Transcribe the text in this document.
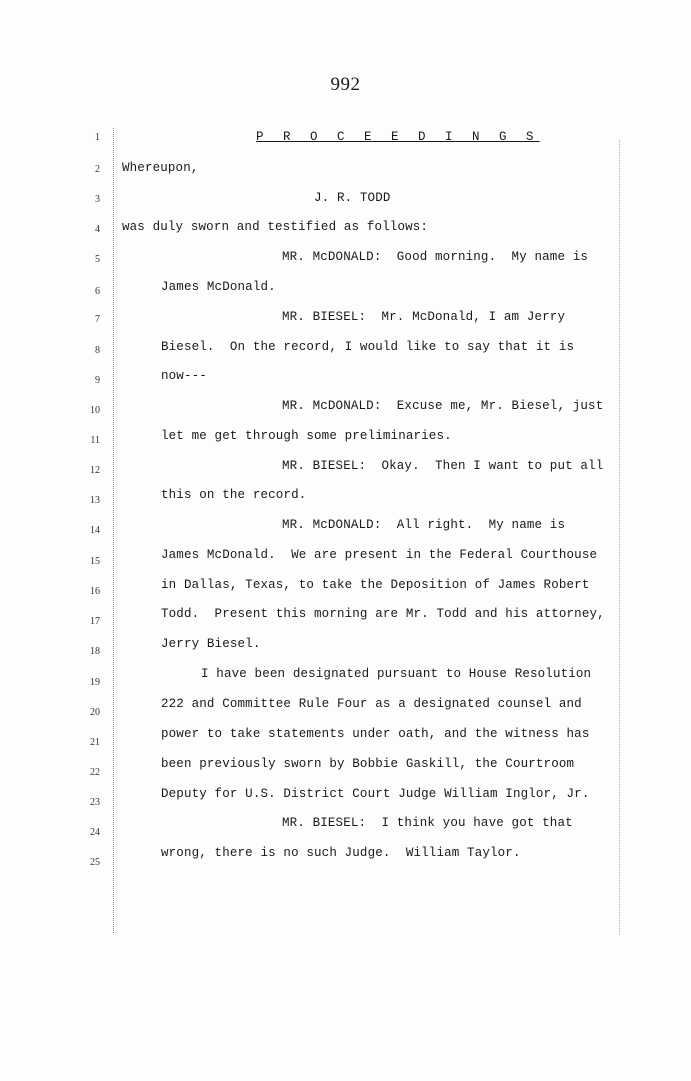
992
1	P R O C E E D I N G S
2 Whereupon,
3	J. R. TODD
4 was duly sworn and testified as follows:
5	MR. McDONALD:  Good morning.  My name is
6	James McDonald.
7	MR. BIESEL:  Mr. McDonald, I am Jerry
8	Biesel.  On the record, I would like to say that it is
9	now---
10	MR. McDONALD:  Excuse me, Mr. Biesel, just
11	let me get through some preliminaries.
12	MR. BIESEL:  Okay.  Then I want to put all
13	this on the record.
14	MR. McDONALD:  All right.  My name is
15	James McDonald.  We are present in the Federal Courthouse
16	in Dallas, Texas, to take the Deposition of James Robert
17
Todd.  Present this morning are Mr. Todd and his attorney,
18
Jerry Biesel.
19
I have been designated pursuant to House Resolution
20
222 and Committee Rule Four as a designated counsel and
21
power to take statements under oath, and the witness has
22
been previously sworn by Bobbie Gaskill, the Courtroom
23
Deputy for U.S. District Court Judge William Inglor, Jr.
24
MR. BIESEL:  I think you have got that
25
wrong, there is no such Judge.  William Taylor.
